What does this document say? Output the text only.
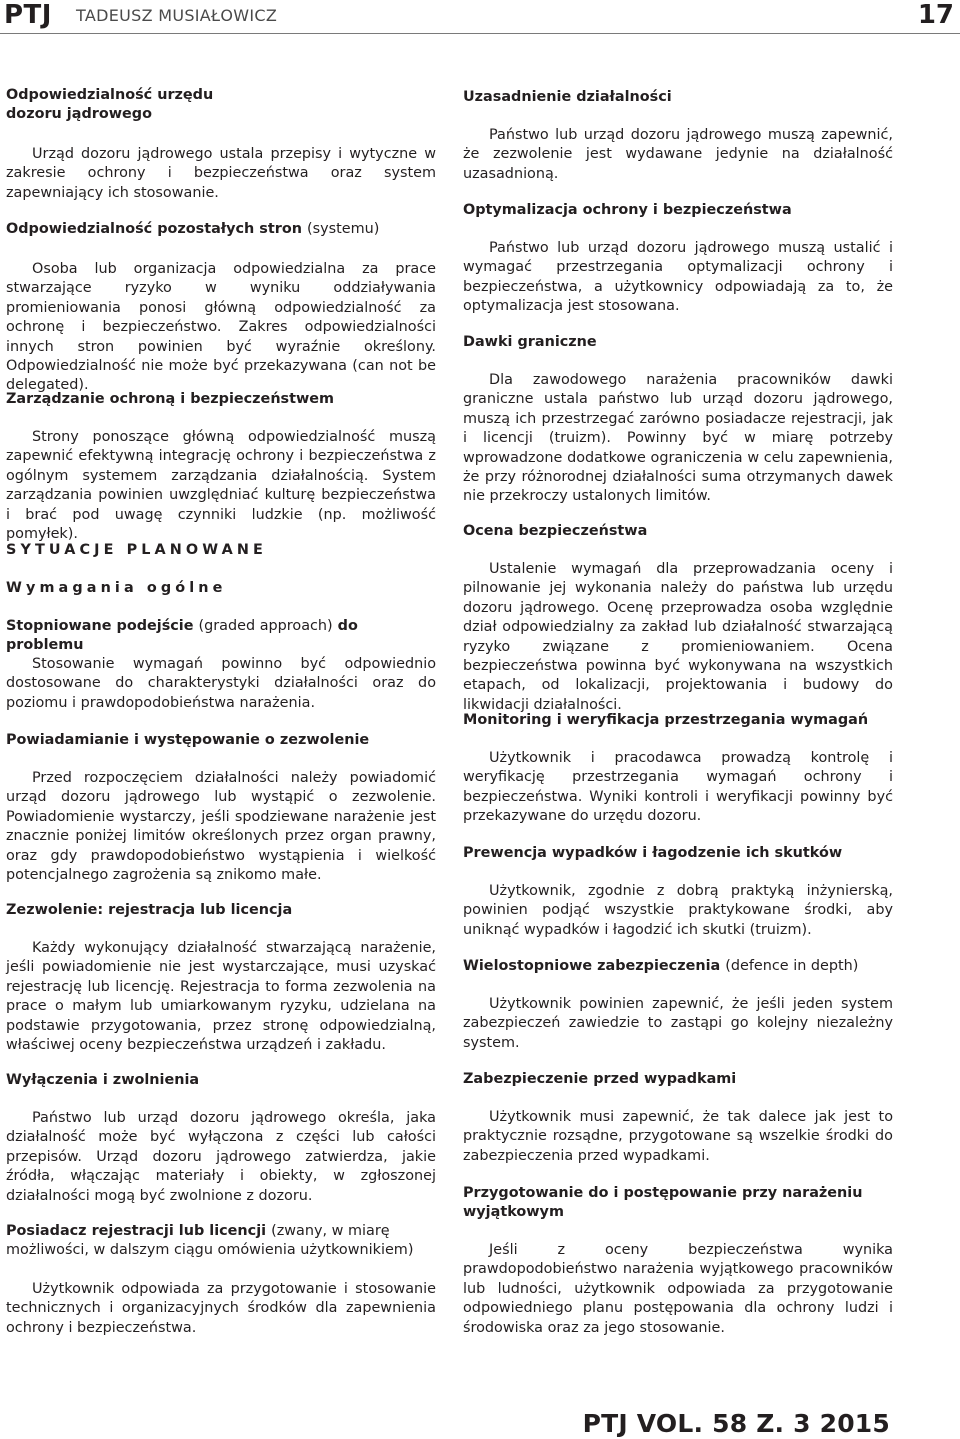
PTJ TADEUSZ MUSIAŁOWICZ	17
Odpowiedzialność urzędu
dozoru jądrowego

Urząd dozoru jądrowego ustala przepisy i wytyczne w zakresie ochrony i bezpieczeństwa oraz system zapewniający ich stosowanie.

Odpowiedzialność pozostałych stron (systemu)

Osoba lub organizacja odpowiedzialna za prace stwarzające ryzyko w wyniku oddziaływania promieniowania ponosi główną odpowiedzialność za ochronę i bezpieczeństwo. Zakres odpowiedzialności innych stron powinien być wyraźnie określony. Odpowiedzialność nie może być przekazywana (can not be delegated).

Zarządzanie ochroną i bezpieczeństwem

Strony ponoszące główną odpowiedzialność muszą zapewnić efektywną integrację ochrony i bezpieczeństwa z ogólnym systemem zarządzania działalnością. System zarządzania powinien uwzględniać kulturę bezpieczeństwa i brać pod uwagę czynniki ludzkie (np. możliwość pomyłek).

SYTUACJE PLANOWANE
Wymagania ogólne
Stopniowane podejście (graded approach) do problemu

Stosowanie wymagań powinno być odpowiednio dostosowane do charakterystyki działalności oraz do poziomu i prawdopodobieństwa narażenia.

Powiadamianie i występowanie o zezwolenie

Przed rozpoczęciem działalności należy powiadomić urząd dozoru jądrowego lub wystąpić o zezwolenie. Powiadomienie wystarczy, jeśli spodziewane narażenie jest znacznie poniżej limitów określonych przez organ prawny, oraz gdy prawdopodobieństwo wystąpienia i wielkość potencjalnego zagrożenia są znikomo małe.

Zezwolenie: rejestracja lub licencja

Każdy wykonujący działalność stwarzającą narażenie, jeśli powiadomienie nie jest wystarczające, musi uzyskać rejestrację lub licencję. Rejestracja to forma zezwolenia na prace o małym lub umiarkowanym ryzyku, udzielana na podstawie przygotowania, przez stronę odpowiedzialną, właściwej oceny bezpieczeństwa urządzeń i zakładu.

Wyłączenia i zwolnienia

Państwo lub urząd dozoru jądrowego określa, jaka działalność może być wyłączona z części lub całości przepisów. Urząd dozoru jądrowego zatwierdza, jakie źródła, włączając materiały i obiekty, w zgłoszonej działalności mogą być zwolnione z dozoru.

Posiadacz rejestracji lub licencji (zwany, w miarę możliwości, w dalszym ciągu omówienia użytkownikiem)

Użytkownik odpowiada za przygotowanie i stosowanie technicznych i organizacyjnych środków dla zapewnienia ochrony i bezpieczeństwa.

Uzasadnienie działalności

Państwo lub urząd dozoru jądrowego muszą zapewnić, że zezwolenie jest wydawane jedynie na działalność uzasadnioną.

Optymalizacja ochrony i bezpieczeństwa

Państwo lub urząd dozoru jądrowego muszą ustalić i wymagać przestrzegania optymalizacji ochrony i bezpieczeństwa, a użytkownicy odpowiadają za to, że optymalizacja jest stosowana.

Dawki graniczne

Dla zawodowego narażenia pracowników dawki graniczne ustala państwo lub urząd dozoru jądrowego, muszą ich przestrzegać zarówno posiadacze rejestracji, jak i licencji (truizm). Powinny być w miarę potrzeby wprowadzone dodatkowe ograniczenia w celu zapewnienia, że przy różnorodnej działalności suma otrzymanych dawek nie przekroczy ustalonych limitów.

Ocena bezpieczeństwa

Ustalenie wymagań dla przeprowadzania oceny i pilnowanie jej wykonania należy do państwa lub urzędu dozoru jądrowego. Ocenę przeprowadza osoba względnie dział odpowiedzialny za zakład lub działalność stwarzającą ryzyko związane z promieniowaniem. Ocena bezpieczeństwa powinna być wykonywana na wszystkich etapach, od lokalizacji, projektowania i budowy do likwidacji działalności.

Monitoring i weryfikacja przestrzegania wymagań

Użytkownik i pracodawca prowadzą kontrolę i weryfikację przestrzegania wymagań ochrony i bezpieczeństwa. Wyniki kontroli i weryfikacji powinny być przekazywane do urzędu dozoru.

Prewencja wypadków i łagodzenie ich skutków

Użytkownik, zgodnie z dobrą praktyką inżynierską, powinien podjąć wszystkie praktykowane środki, aby uniknąć wypadków i łagodzić ich skutki (truizm).

Wielostopniowe zabezpieczenia (defence in depth)

Użytkownik powinien zapewnić, że jeśli jeden system zabezpieczeń zawiedzie to zastąpi go kolejny niezależny system.

Zabezpieczenie przed wypadkami

Użytkownik musi zapewnić, że tak dalece jak jest to praktycznie rozsądne, przygotowane są wszelkie środki do zabezpieczenia przed wypadkami.

Przygotowanie do i postępowanie przy narażeniu wyjątkowym

Jeśli z oceny bezpieczeństwa wynika prawdopodobieństwo narażenia wyjątkowego pracowników lub ludności, użytkownik odpowiada za przygotowanie odpowiedniego planu postępowania dla ochrony ludzi i środowiska oraz za jego stosowanie.

PTJ VOL. 58 Z. 3 2015
